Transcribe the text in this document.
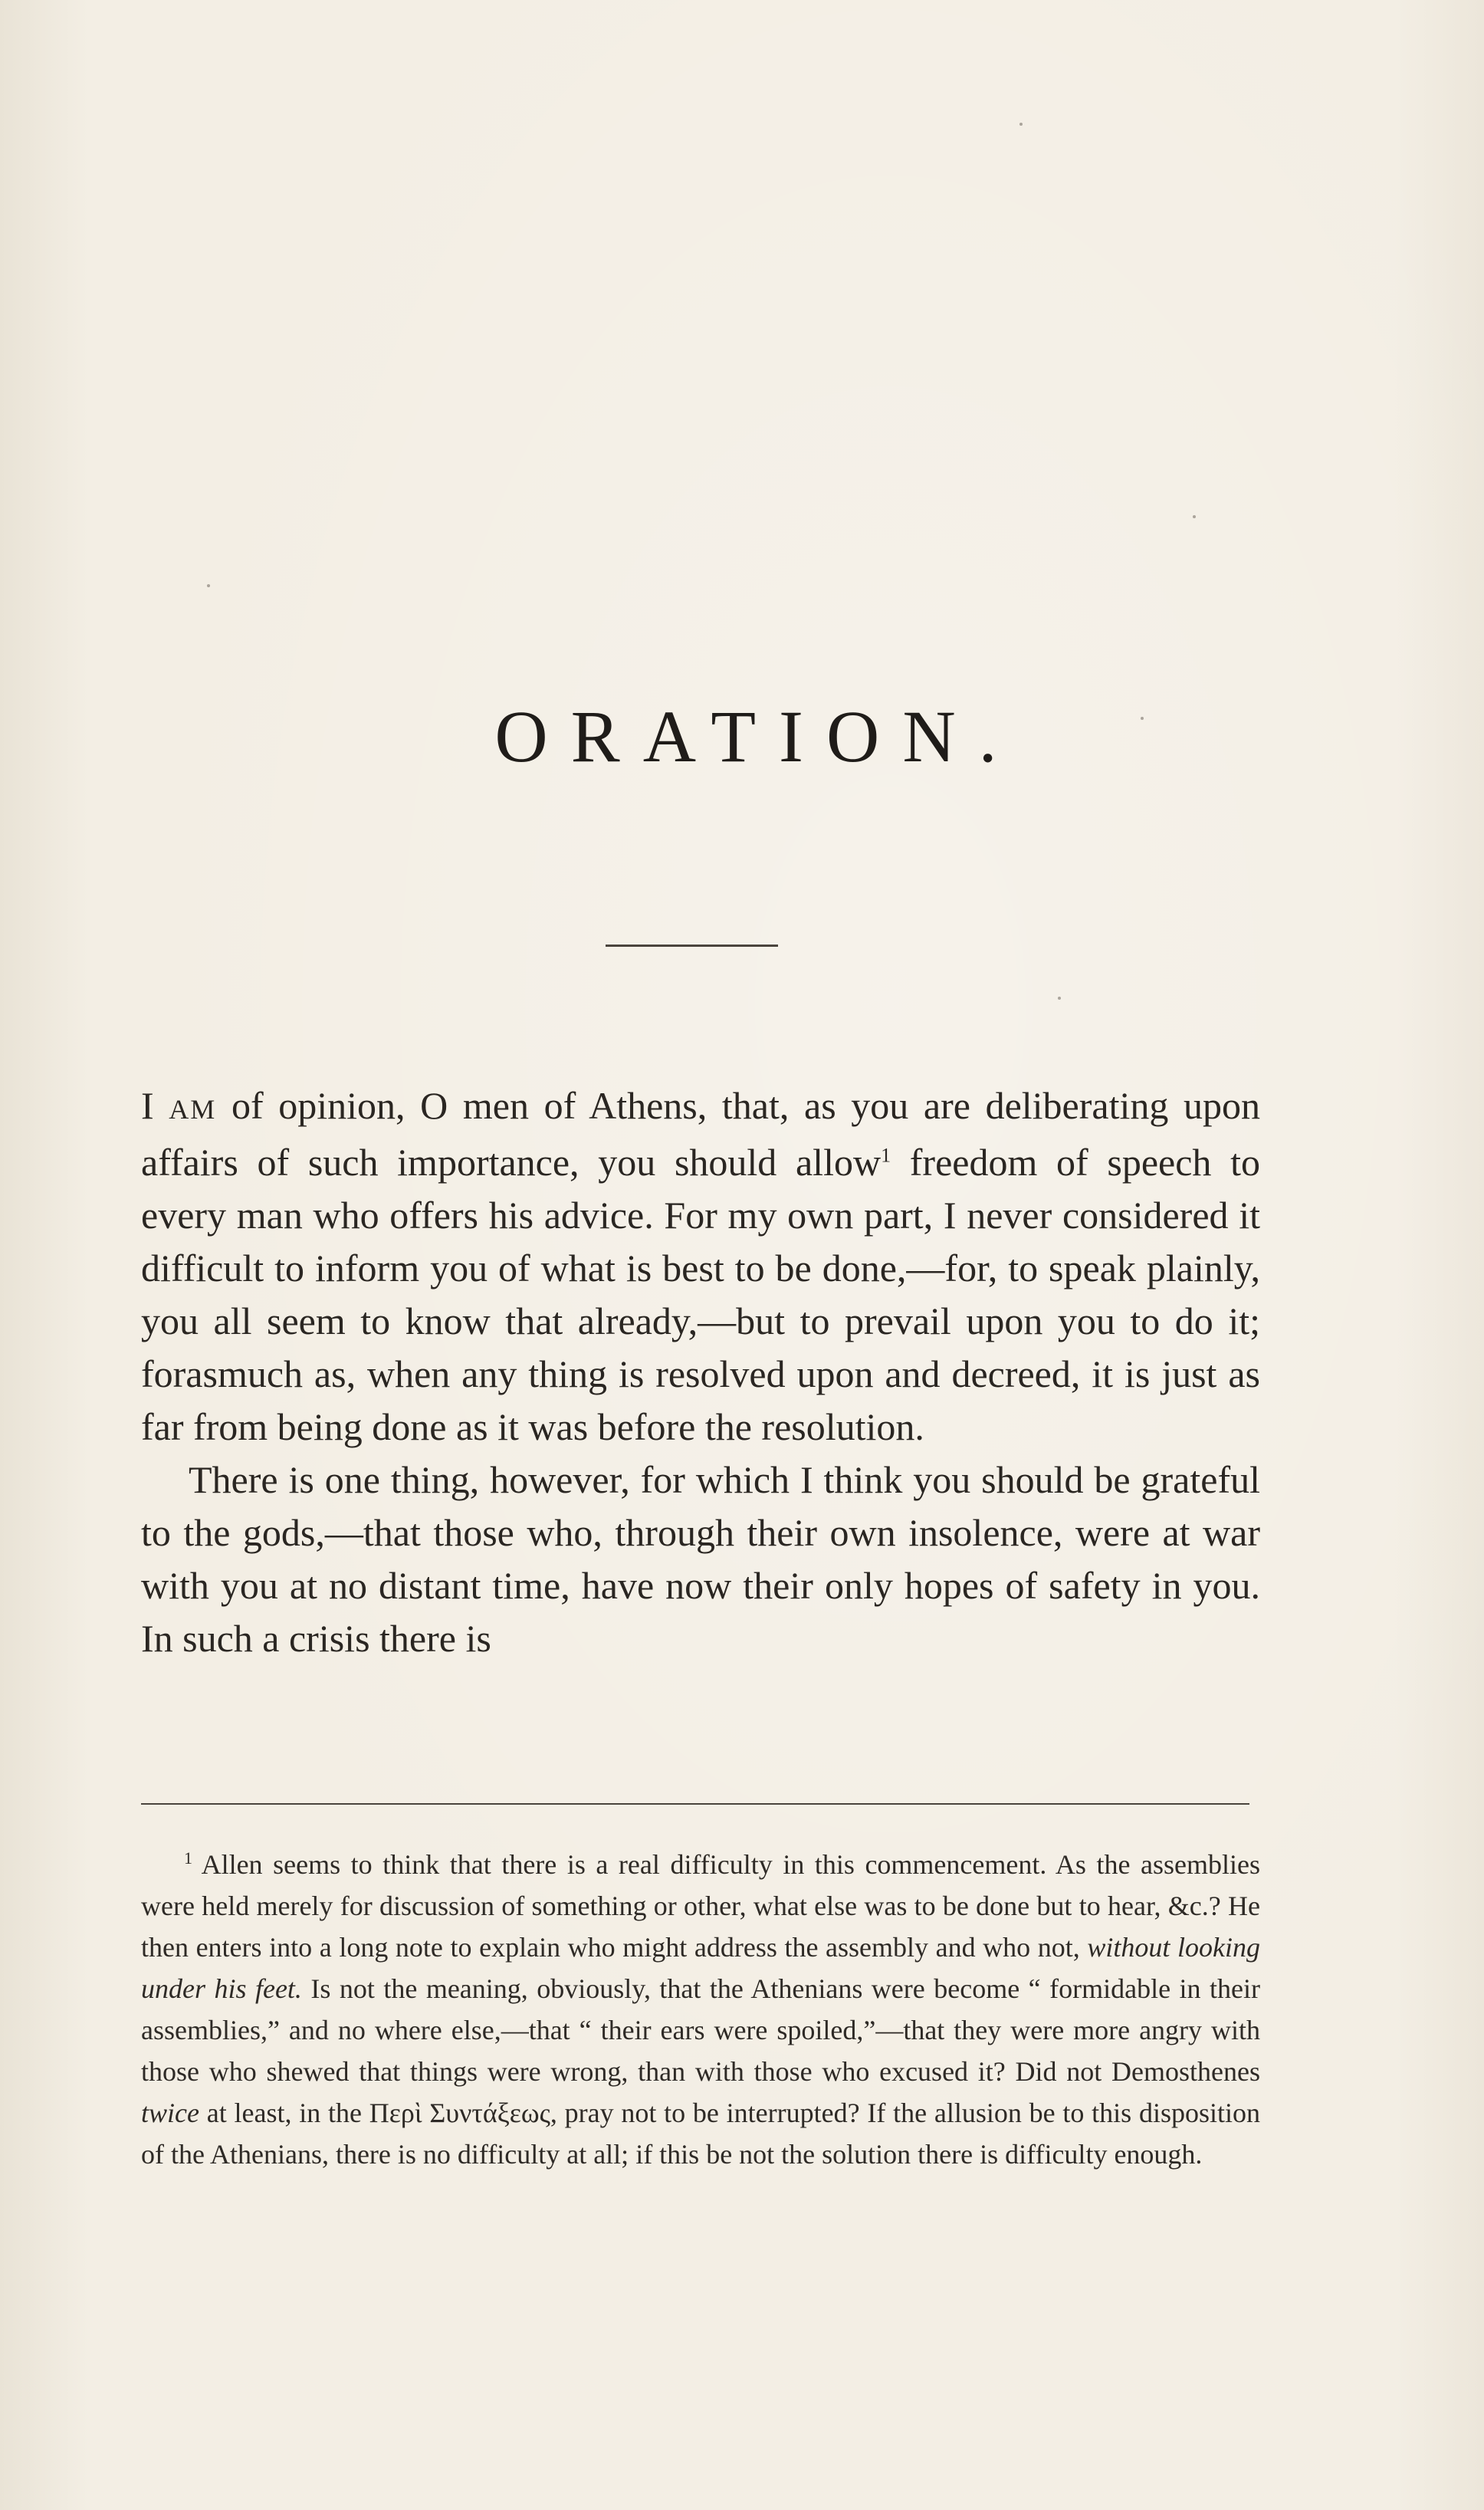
ORATION.

I AM of opinion, O men of Athens, that, as you are deliberating upon affairs of such importance, you should allow$^1$ freedom of speech to every man who offers his advice. For my own part, I never considered it difficult to inform you of what is best to be done,—for, to speak plainly, you all seem to know that already,—but to prevail upon you to do it; forasmuch as, when any thing is resolved upon and decreed, it is just as far from being done as it was before the resolution.

There is one thing, however, for which I think you should be grateful to the gods,—that those who, through their own insolence, were at war with you at no distant time, have now their only hopes of safety in you. In such a crisis there is

$^1$ Allen seems to think that there is a real difficulty in this commencement. As the assemblies were held merely for discussion of something or other, what else was to be done but to hear, &c.? He then enters into a long note to explain who might address the assembly and who not, without looking under his feet. Is not the meaning, obviously, that the Athenians were become “ formidable in their assemblies,” and no where else,—that “ their ears were spoiled,”—that they were more angry with those who shewed that things were wrong, than with those who excused it? Did not Demosthenes twice at least, in the Περὶ Συντάξεως, pray not to be interrupted? If the allusion be to this disposition of the Athenians, there is no difficulty at all; if this be not the solution there is difficulty enough.
